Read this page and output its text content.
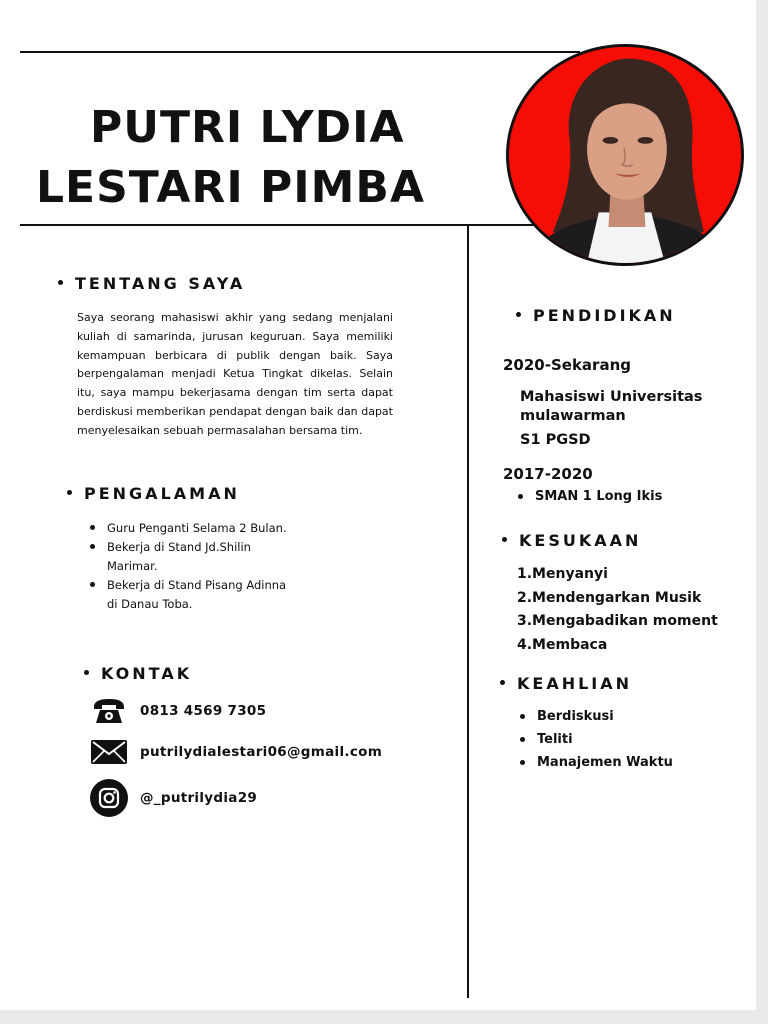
PUTRI LYDIA
LESTARI PIMBA
TENTANG SAYA

Saya seorang mahasiswi akhir yang sedang menjalani kuliah di samarinda, jurusan keguruan. Saya memiliki kemampuan berbicara di publik dengan baik. Saya berpengalaman menjadi Ketua Tingkat dikelas. Selain itu, saya mampu bekerjasama dengan tim serta dapat berdiskusi memberikan pendapat dengan baik dan dapat menyelesaikan sebuah permasalahan bersama tim.

PENGALAMAN
Guru Penganti Selama 2 Bulan.
Bekerja di Stand Jd.Shilin Marimar.
Bekerja di Stand Pisang Adinna di Danau Toba.
KONTAK
0813 4569 7305
putrilydialestari06@gmail.com
@_putrilydia29
PENDIDIKAN

2020-Sekarang

Mahasiswi Universitas

mulawarman

S1 PGSD

2017-2020

SMAN 1 Long Ikis
KESUKAAN
1.Menyanyi
2.Mendengarkan Musik
3.Mengabadikan moment
4.Membaca
KEAHLIAN
Berdiskusi
Teliti
Manajemen Waktu
